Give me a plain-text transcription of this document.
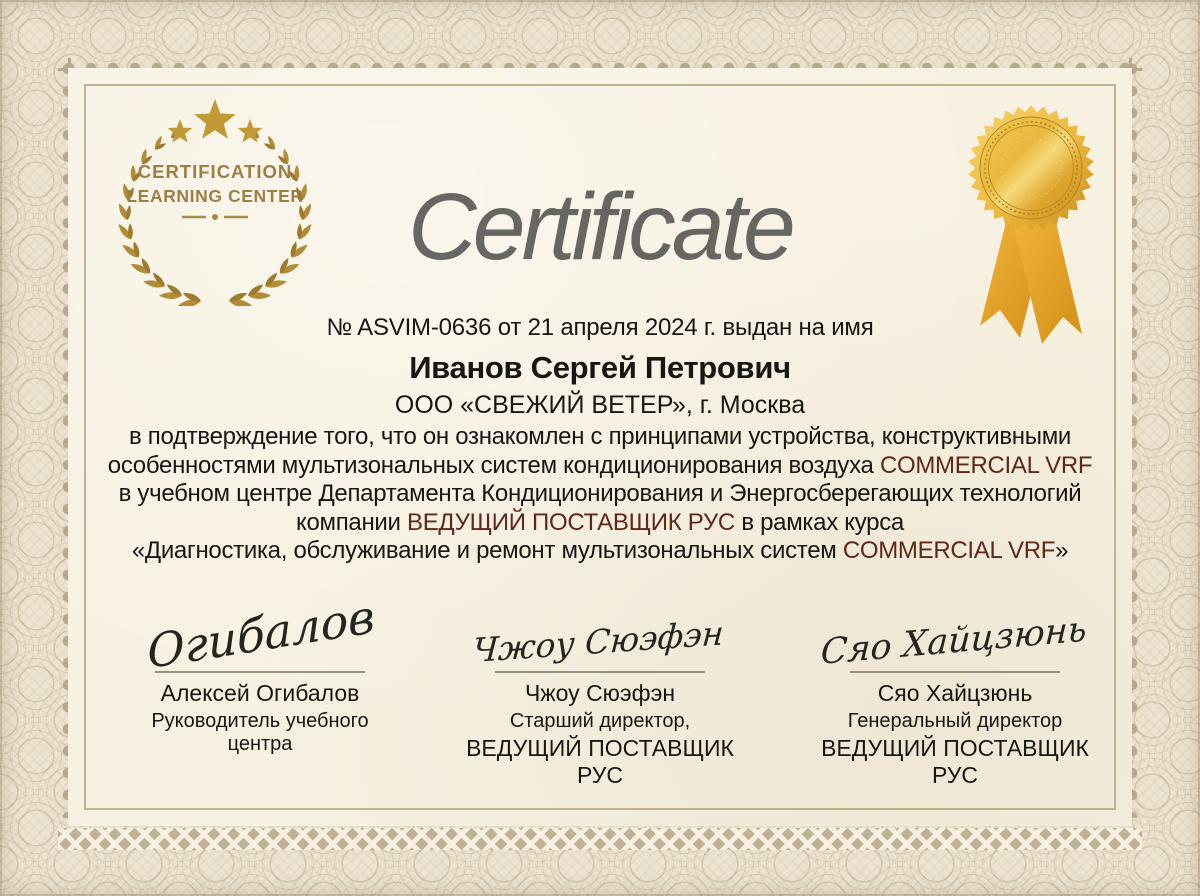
CERTIFICATION
LEARNING CENTER	Certificate
№ ASVIM-0636 от 21 апреля 2024 г. выдан на имя
Иванов Сергей Петрович
ООО «СВЕЖИЙ ВЕТЕР», г. Москва
в подтверждение того, что он ознакомлен с принципами устройства, конструктивными
особенностями мультизональных систем кондиционирования воздуха COMMERCIAL VRF
в учебном центре Департамента Кондиционирования и Энергосберегающих технологий
компании ВЕДУЩИЙ ПОСТАВЩИК РУС в рамках курса
«Диагностика, обслуживание и ремонт мультизональных систем COMMERCIAL VRF»
Огибалов
Алексей Огибалов
Руководитель учебного центра
Чжоу Сюэфэн
Чжоу Сюэфэн
Старший директор,
ВЕДУЩИЙ ПОСТАВЩИК РУС
Сяо Хайцзюнь
Сяо Хайцзюнь
Генеральный директор
ВЕДУЩИЙ ПОСТАВЩИК РУС
